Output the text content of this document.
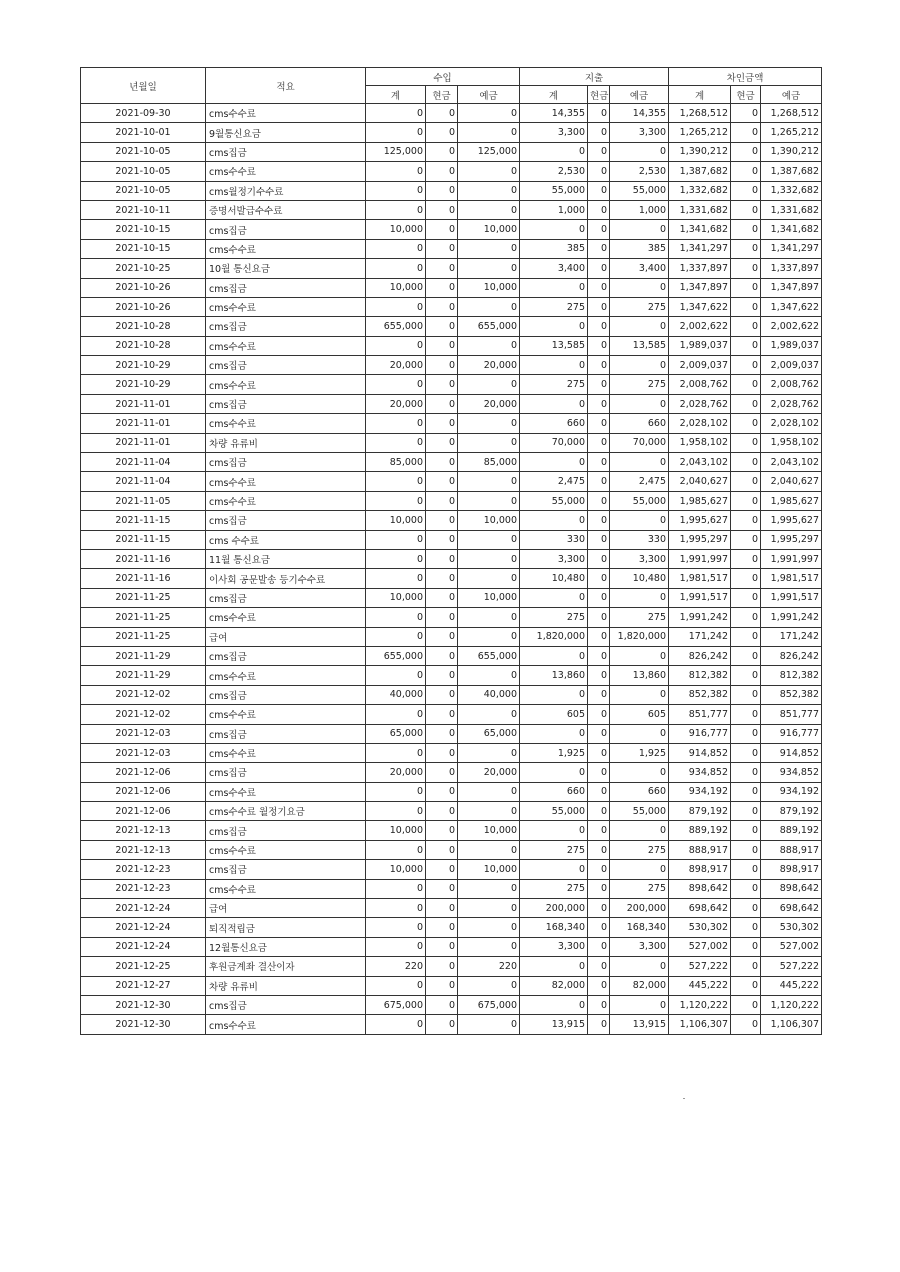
년월일	적요	수입			지출			차인금액		
		계	현금	예금	계	현금	예금	계	현금	예금
2021-09-30	cms수수료	0	0	0	14,355	0	14,355	1,268,512	0	1,268,512
2021-10-01	9월통신요금	0	0	0	3,300	0	3,300	1,265,212	0	1,265,212
2021-10-05	cms집금	125,000	0	125,000	0	0	0	1,390,212	0	1,390,212
2021-10-05	cms수수료	0	0	0	2,530	0	2,530	1,387,682	0	1,387,682
2021-10-05	cms월정기수수료	0	0	0	55,000	0	55,000	1,332,682	0	1,332,682
2021-10-11	증명서발급수수료	0	0	0	1,000	0	1,000	1,331,682	0	1,331,682
2021-10-15	cms집금	10,000	0	10,000	0	0	0	1,341,682	0	1,341,682
2021-10-15	cms수수료	0	0	0	385	0	385	1,341,297	0	1,341,297
2021-10-25	10월 통신요금	0	0	0	3,400	0	3,400	1,337,897	0	1,337,897
2021-10-26	cms집금	10,000	0	10,000	0	0	0	1,347,897	0	1,347,897
2021-10-26	cms수수료	0	0	0	275	0	275	1,347,622	0	1,347,622
2021-10-28	cms집금	655,000	0	655,000	0	0	0	2,002,622	0	2,002,622
2021-10-28	cms수수료	0	0	0	13,585	0	13,585	1,989,037	0	1,989,037
2021-10-29	cms집금	20,000	0	20,000	0	0	0	2,009,037	0	2,009,037
2021-10-29	cms수수료	0	0	0	275	0	275	2,008,762	0	2,008,762
2021-11-01	cms집금	20,000	0	20,000	0	0	0	2,028,762	0	2,028,762
2021-11-01	cms수수료	0	0	0	660	0	660	2,028,102	0	2,028,102
2021-11-01	차량 유류비	0	0	0	70,000	0	70,000	1,958,102	0	1,958,102
2021-11-04	cms집금	85,000	0	85,000	0	0	0	2,043,102	0	2,043,102
2021-11-04	cms수수료	0	0	0	2,475	0	2,475	2,040,627	0	2,040,627
2021-11-05	cms수수료	0	0	0	55,000	0	55,000	1,985,627	0	1,985,627
2021-11-15	cms집금	10,000	0	10,000	0	0	0	1,995,627	0	1,995,627
2021-11-15	cms 수수료	0	0	0	330	0	330	1,995,297	0	1,995,297
2021-11-16	11월 통신요금	0	0	0	3,300	0	3,300	1,991,997	0	1,991,997
2021-11-16	이사회 공문발송 등기수수료	0	0	0	10,480	0	10,480	1,981,517	0	1,981,517
2021-11-25	cms집금	10,000	0	10,000	0	0	0	1,991,517	0	1,991,517
2021-11-25	cms수수료	0	0	0	275	0	275	1,991,242	0	1,991,242
2021-11-25	급여	0	0	0	1,820,000	0	1,820,000	171,242	0	171,242
2021-11-29	cms집금	655,000	0	655,000	0	0	0	826,242	0	826,242
2021-11-29	cms수수료	0	0	0	13,860	0	13,860	812,382	0	812,382
2021-12-02	cms집금	40,000	0	40,000	0	0	0	852,382	0	852,382
2021-12-02	cms수수료	0	0	0	605	0	605	851,777	0	851,777
2021-12-03	cms집금	65,000	0	65,000	0	0	0	916,777	0	916,777
2021-12-03	cms수수료	0	0	0	1,925	0	1,925	914,852	0	914,852
2021-12-06	cms집금	20,000	0	20,000	0	0	0	934,852	0	934,852
2021-12-06	cms수수료	0	0	0	660	0	660	934,192	0	934,192
2021-12-06	cms수수료 월정기요금	0	0	0	55,000	0	55,000	879,192	0	879,192
2021-12-13	cms집금	10,000	0	10,000	0	0	0	889,192	0	889,192
2021-12-13	cms수수료	0	0	0	275	0	275	888,917	0	888,917
2021-12-23	cms집금	10,000	0	10,000	0	0	0	898,917	0	898,917
2021-12-23	cms수수료	0	0	0	275	0	275	898,642	0	898,642
2021-12-24	급여	0	0	0	200,000	0	200,000	698,642	0	698,642
2021-12-24	퇴직적립금	0	0	0	168,340	0	168,340	530,302	0	530,302
2021-12-24	12월통신요금	0	0	0	3,300	0	3,300	527,002	0	527,002
2021-12-25	후원금계좌 결산이자	220	0	220	0	0	0	527,222	0	527,222
2021-12-27	차량 유류비	0	0	0	82,000	0	82,000	445,222	0	445,222
2021-12-30	cms집금	675,000	0	675,000	0	0	0	1,120,222	0	1,120,222
2021-12-30	cms수수료	0	0	0	13,915	0	13,915	1,106,307	0	1,106,307
